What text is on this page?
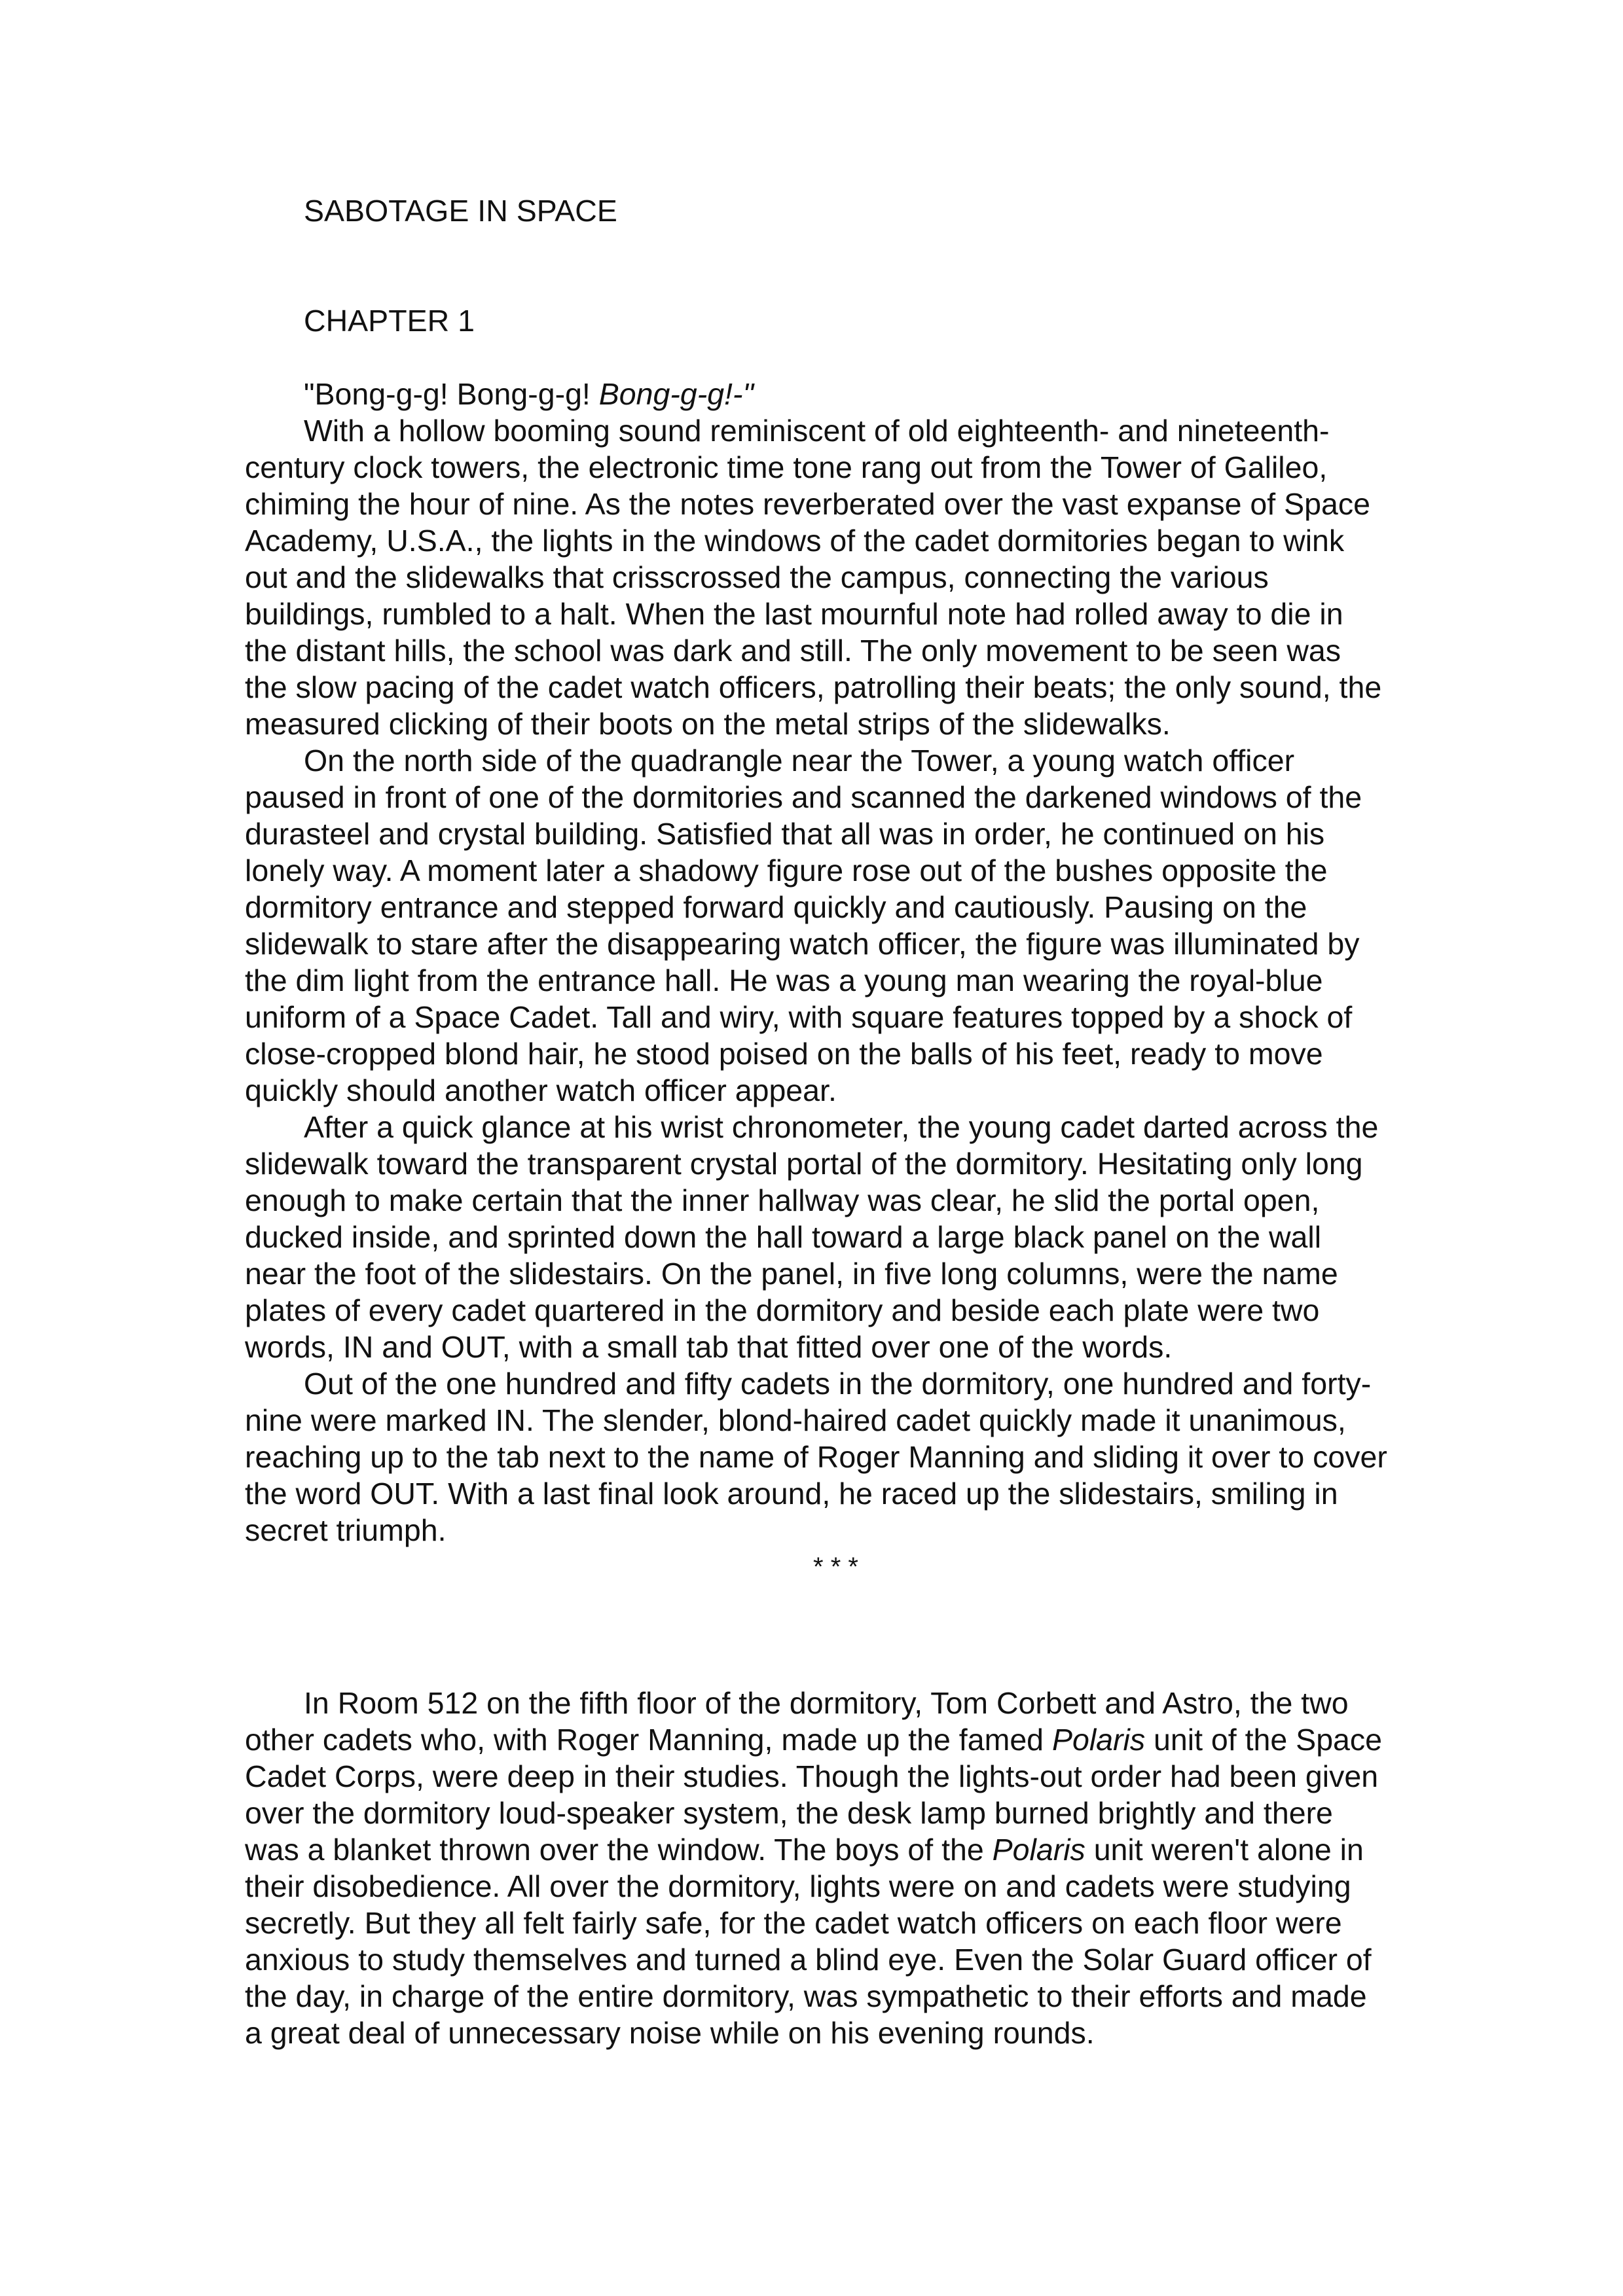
SABOTAGE IN SPACE

CHAPTER 1

"Bong-g-g! Bong-g-g! Bong-g-g!-"

With a hollow booming sound reminiscent of old eighteenth- and nineteenth-century clock towers, the electronic time tone rang out from the Tower of Galileo, chiming the hour of nine. As the notes reverberated over the vast expanse of Space Academy, U.S.A., the lights in the windows of the cadet dormitories began to wink out and the slidewalks that crisscrossed the campus, connecting the various buildings, rumbled to a halt. When the last mournful note had rolled away to die in the distant hills, the school was dark and still. The only movement to be seen was the slow pacing of the cadet watch officers, patrolling their beats; the only sound, the measured clicking of their boots on the metal strips of the slidewalks.

On the north side of the quadrangle near the Tower, a young watch officer paused in front of one of the dormitories and scanned the darkened windows of the durasteel and crystal building. Satisfied that all was in order, he continued on his lonely way. A moment later a shadowy figure rose out of the bushes opposite the dormitory entrance and stepped forward quickly and cautiously. Pausing on the slidewalk to stare after the disappearing watch officer, the figure was illuminated by the dim light from the entrance hall. He was a young man wearing the royal-blue uniform of a Space Cadet. Tall and wiry, with square features topped by a shock of close-cropped blond hair, he stood poised on the balls of his feet, ready to move quickly should another watch officer appear.

After a quick glance at his wrist chronometer, the young cadet darted across the slidewalk toward the transparent crystal portal of the dormitory. Hesitating only long enough to make certain that the inner hallway was clear, he slid the portal open, ducked inside, and sprinted down the hall toward a large black panel on the wall near the foot of the slidestairs. On the panel, in five long columns, were the name plates of every cadet quartered in the dormitory and beside each plate were two words, IN and OUT, with a small tab that fitted over one of the words.

Out of the one hundred and fifty cadets in the dormitory, one hundred and forty-nine were marked IN. The slender, blond-haired cadet quickly made it unanimous, reaching up to the tab next to the name of Roger Manning and sliding it over to cover the word OUT. With a last final look around, he raced up the slidestairs, smiling in secret triumph.

* * *

In Room 512 on the fifth floor of the dormitory, Tom Corbett and Astro, the two other cadets who, with Roger Manning, made up the famed Polaris unit of the Space Cadet Corps, were deep in their studies. Though the lights-out order had been given over the dormitory loud-speaker system, the desk lamp burned brightly and there was a blanket thrown over the window. The boys of the Polaris unit weren't alone in their disobedience. All over the dormitory, lights were on and cadets were studying secretly. But they all felt fairly safe, for the cadet watch officers on each floor were anxious to study themselves and turned a blind eye. Even the Solar Guard officer of the day, in charge of the entire dormitory, was sympathetic to their efforts and made a great deal of unnecessary noise while on his evening rounds.
